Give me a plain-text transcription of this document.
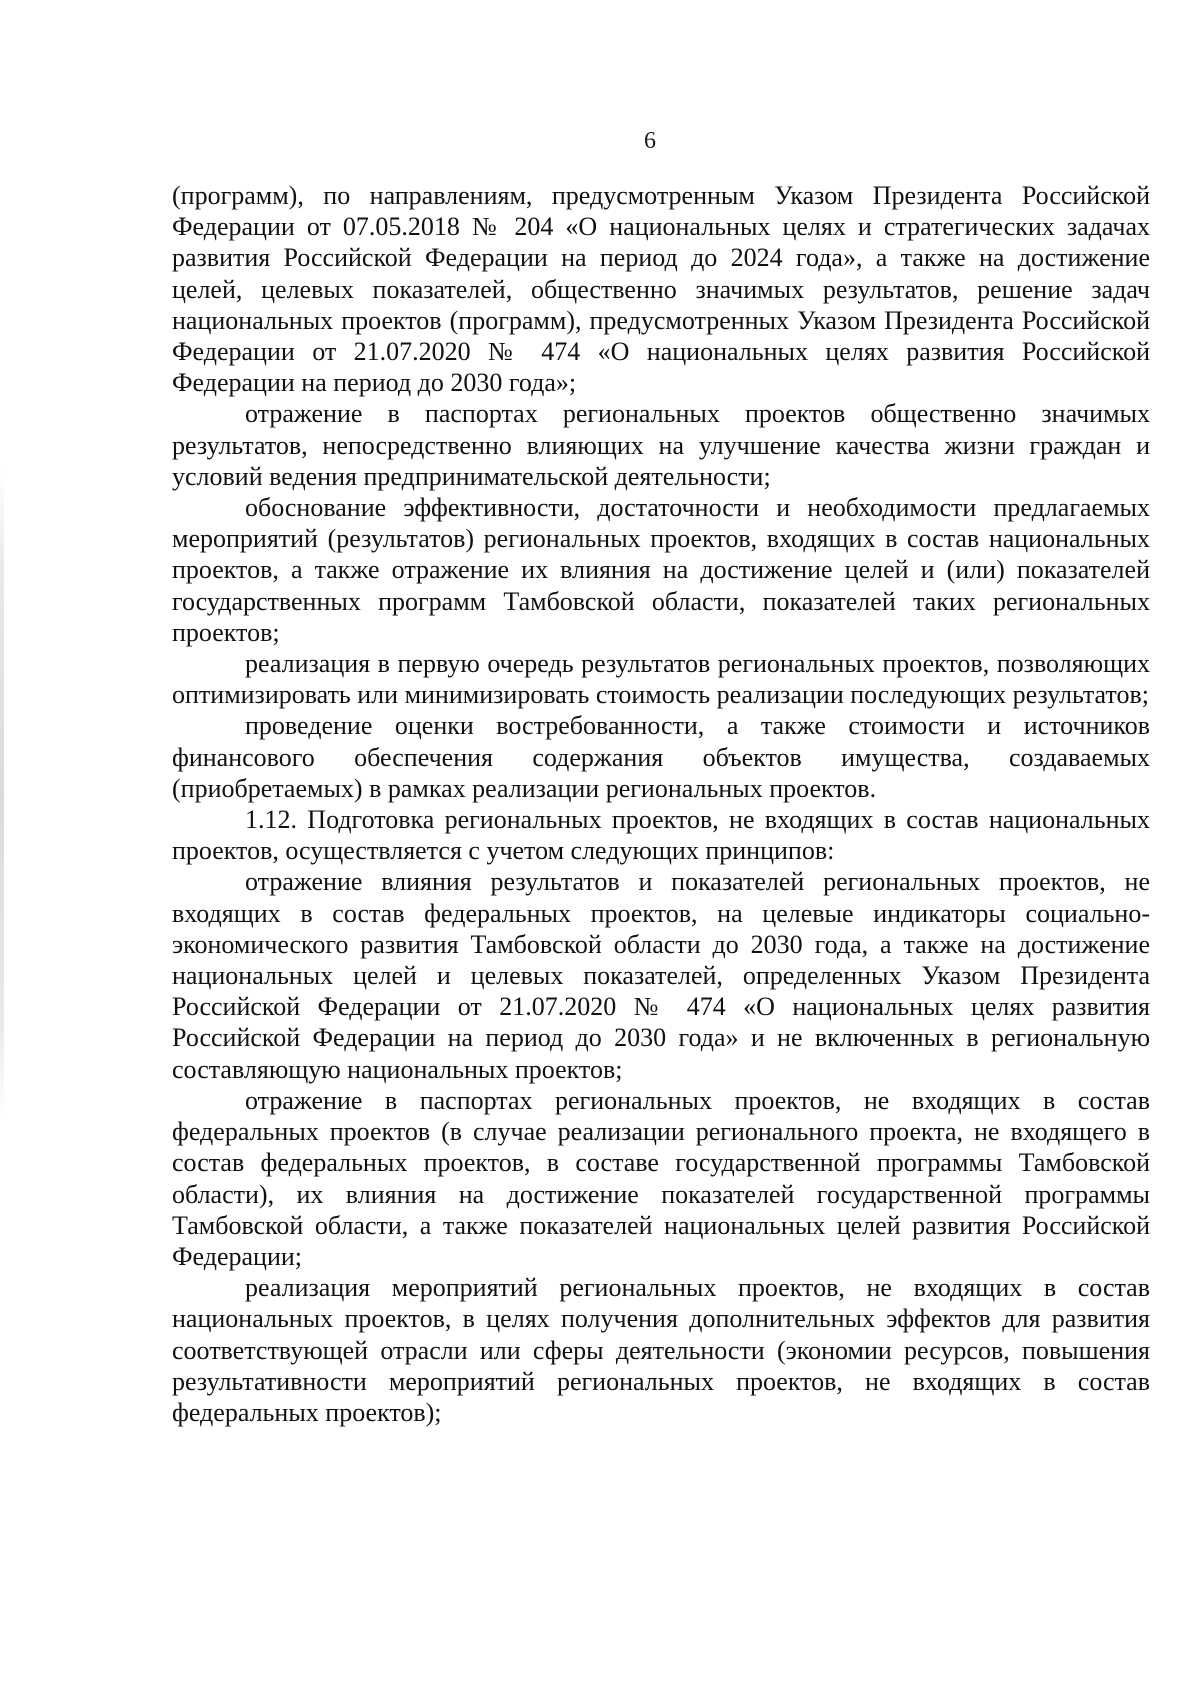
6

(программ), по направлениям, предусмотренным Указом Президента Российской Федерации от 07.05.2018 № 204 «О национальных целях и стратегических задачах развития Российской Федерации на период до 2024 года», а также на достижение целей, целевых показателей, общественно значимых результатов, решение задач национальных проектов (программ), предусмотренных Указом Президента Российской Федерации от 21.07.2020 № 474 «О национальных целях развития Российской Федерации на период до 2030 года»;

отражение в паспортах региональных проектов общественно значимых результатов, непосредственно влияющих на улучшение качества жизни граждан и условий ведения предпринимательской деятельности;

обоснование эффективности, достаточности и необходимости предлагаемых мероприятий (результатов) региональных проектов, входящих в состав национальных проектов, а также отражение их влияния на достижение целей и (или) показателей государственных программ Тамбовской области, показателей таких региональных проектов;

реализация в первую очередь результатов региональных проектов, позволяющих оптимизировать или минимизировать стоимость реализации последующих результатов;

проведение оценки востребованности, а также стоимости и источников финансового обеспечения содержания объектов имущества, создаваемых (приобретаемых) в рамках реализации региональных проектов.

1.12. Подготовка региональных проектов, не входящих в состав национальных проектов, осуществляется с учетом следующих принципов:

отражение влияния результатов и показателей региональных проектов, не входящих в состав федеральных проектов, на целевые индикаторы социально-экономического развития Тамбовской области до 2030 года, а также на достижение национальных целей и целевых показателей, определенных Указом Президента Российской Федерации от 21.07.2020 № 474 «О национальных целях развития Российской Федерации на период до 2030 года» и не включенных в региональную составляющую национальных проектов;

отражение в паспортах региональных проектов, не входящих в состав федеральных проектов (в случае реализации регионального проекта, не входящего в состав федеральных проектов, в составе государственной программы Тамбовской области), их влияния на достижение показателей государственной программы Тамбовской области, а также показателей национальных целей развития Российской Федерации;

реализация мероприятий региональных проектов, не входящих в состав национальных проектов, в целях получения дополнительных эффектов для развития соответствующей отрасли или сферы деятельности (экономии ресурсов, повышения результативности мероприятий региональных проектов, не входящих в состав федеральных проектов);
